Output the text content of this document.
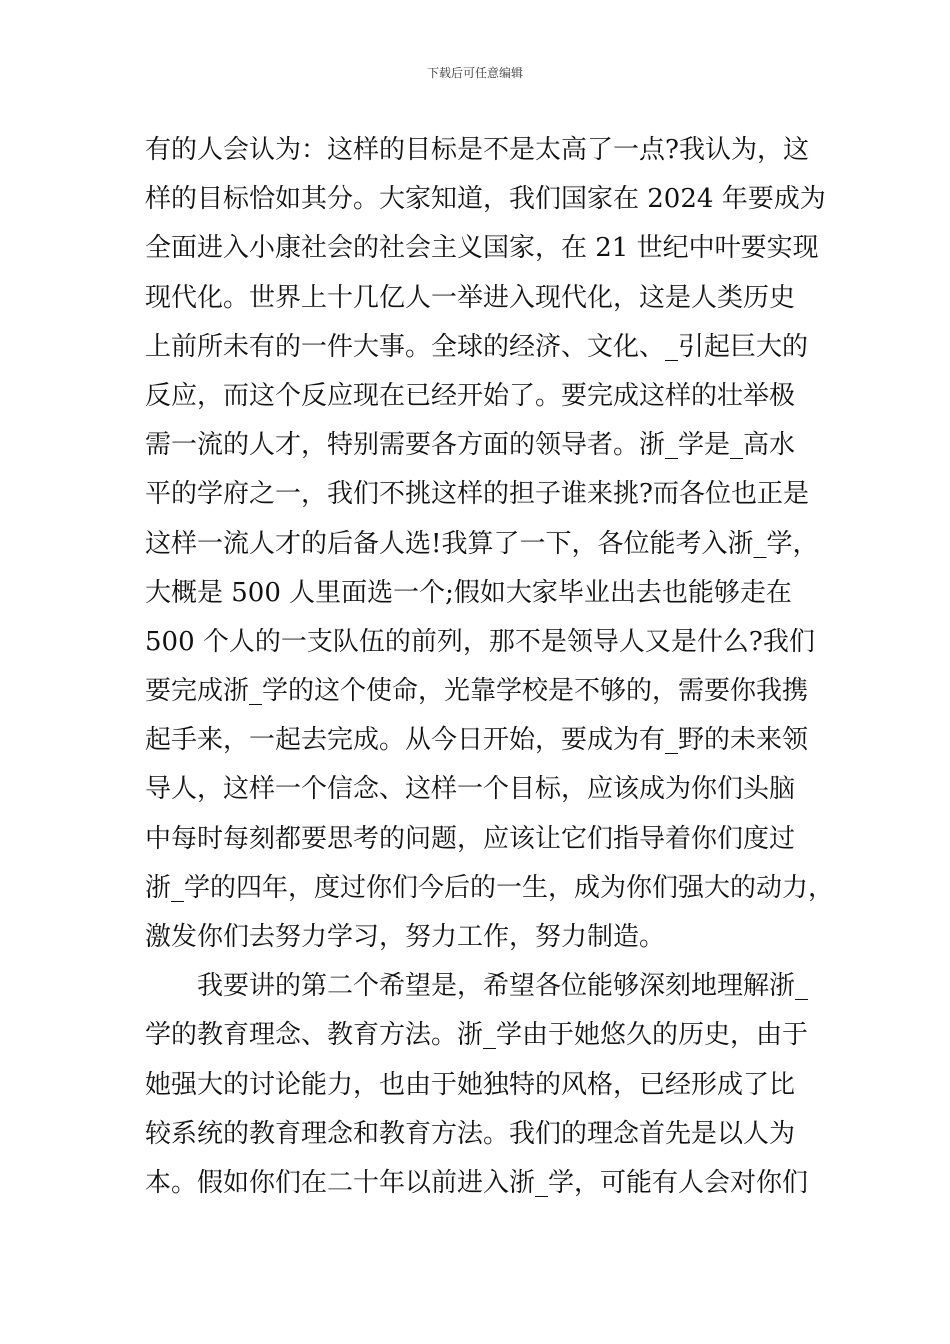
下载后可任意编辑
有的人会认为：这样的目标是不是太高了一点?我认为，这
样的目标恰如其分。大家知道，我们国家在 2024 年要成为
全面进入小康社会的社会主义国家，在 21 世纪中叶要实现
现代化。世界上十几亿人一举进入现代化，这是人类历史
上前所未有的一件大事。全球的经济、文化、_引起巨大的
反应，而这个反应现在已经开始了。要完成这样的壮举极
需一流的人才，特别需要各方面的领导者。浙_学是_高水
平的学府之一，我们不挑这样的担子谁来挑?而各位也正是
这样一流人才的后备人选!我算了一下，各位能考入浙_学，
大概是 500 人里面选一个;假如大家毕业出去也能够走在
500 个人的一支队伍的前列，那不是领导人又是什么?我们
要完成浙_学的这个使命，光靠学校是不够的，需要你我携
起手来，一起去完成。从今日开始，要成为有_野的未来领
导人，这样一个信念、这样一个目标，应该成为你们头脑
中每时每刻都要思考的问题，应该让它们指导着你们度过
浙_学的四年，度过你们今后的一生，成为你们强大的动力，
激发你们去努力学习，努力工作，努力制造。
我要讲的第二个希望是，希望各位能够深刻地理解浙_
学的教育理念、教育方法。浙_学由于她悠久的历史，由于
她强大的讨论能力，也由于她独特的风格，已经形成了比
较系统的教育理念和教育方法。我们的理念首先是以人为
本。假如你们在二十年以前进入浙_学，可能有人会对你们
